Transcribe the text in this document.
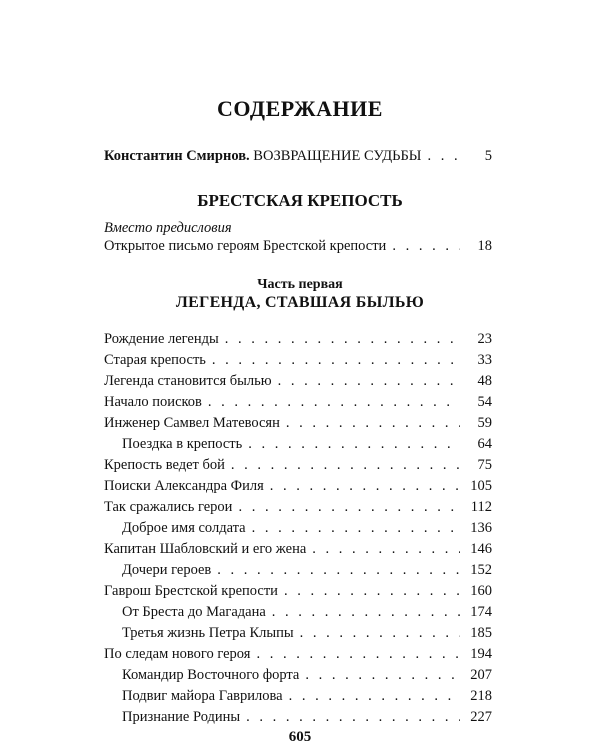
СОДЕРЖАНИЕ
Константин Смирнов. ВОЗВРАЩЕНИЕ СУДЬБЫ . . .	5
БРЕСТСКАЯ КРЕПОСТЬ
Вместо предисловия
Открытое письмо героям Брестской крепости . . .	18
Часть первая
ЛЕГЕНДА, СТАВШАЯ БЫЛЬЮ
Рождение легенды . . .	23
Старая крепость . . .	33
Легенда становится былью . . .	48
Начало поисков . . .	54
Инженер Самвел Матевосян . . .	59
Поездка в крепость . . .	64
Крепость ведет бой . . .	75
Поиски Александра Филя . . .	105
Так сражались герои . . .	112
Доброе имя солдата . . .	136
Капитан Шабловский и его жена . . .	146
Дочери героев . . .	152
Гаврош Брестской крепости . . .	160
От Бреста до Магадана . . .	174
Третья жизнь Петра Клыпы . . .	185
По следам нового героя . . .	194
Командир Восточного форта . . .	207
Подвиг майора Гаврилова . . .	218
Признание Родины . . .	227
605
